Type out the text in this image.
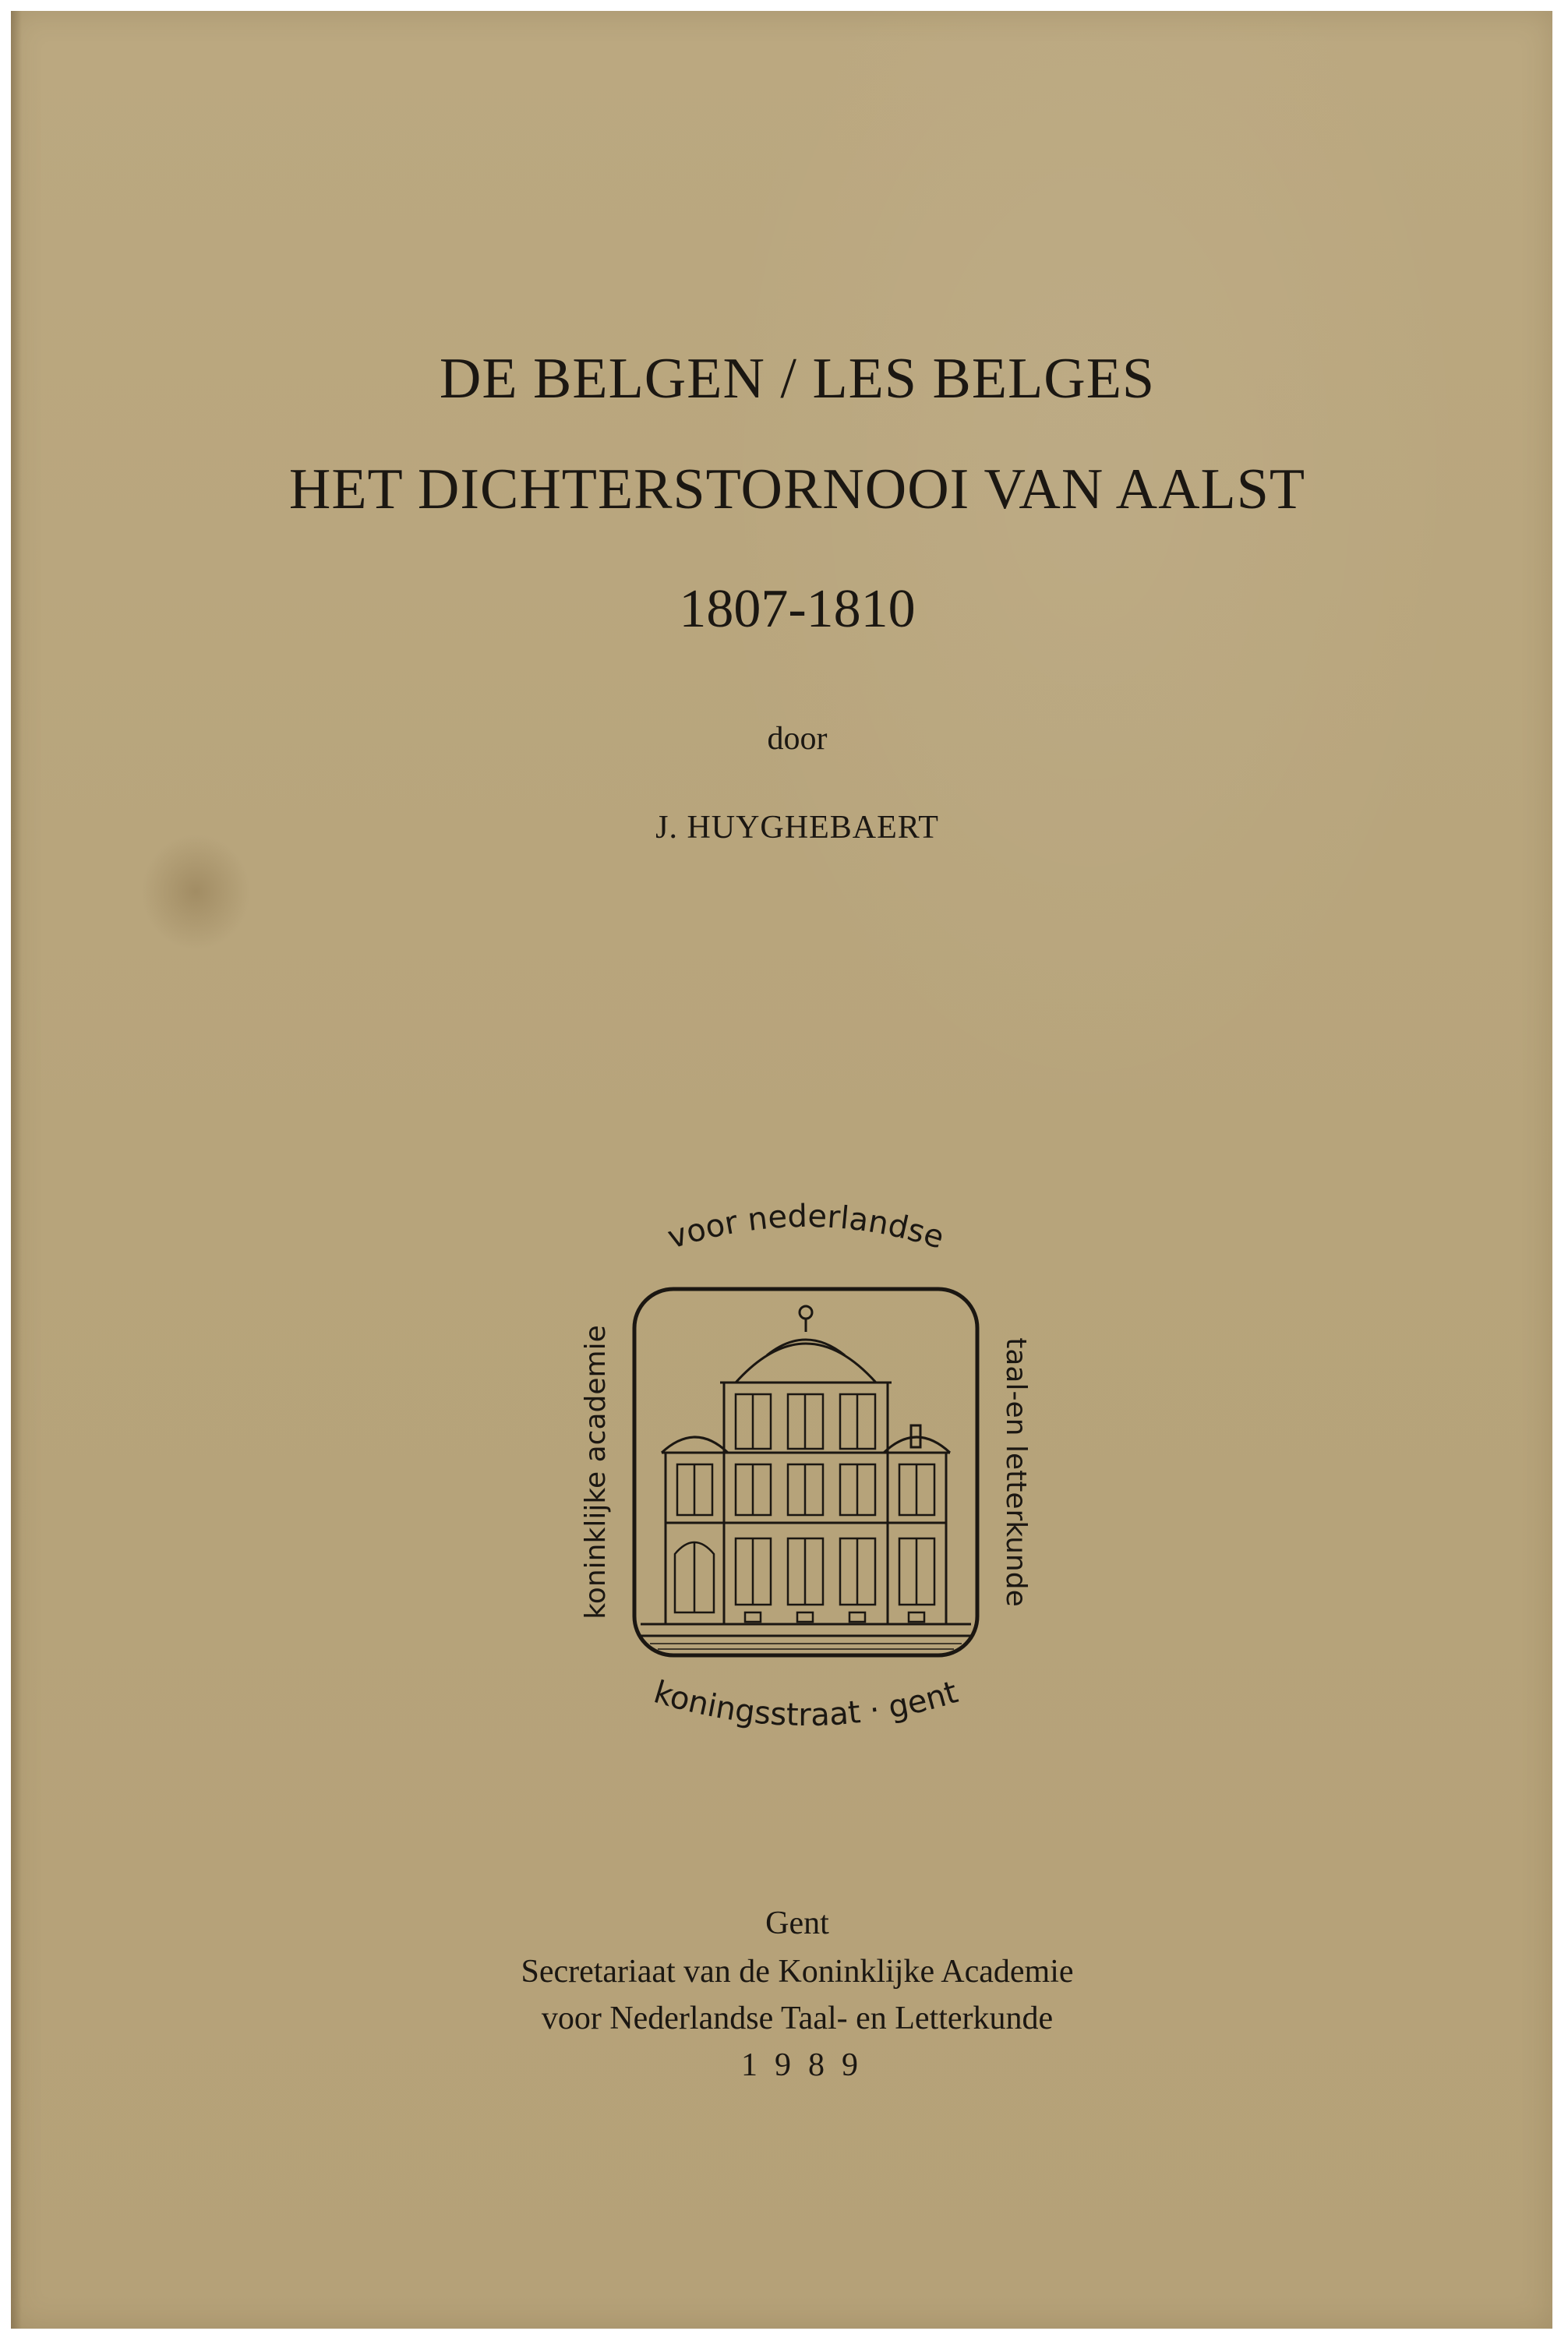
DE BELGEN / LES BELGES
HET DICHTERSTORNOOI VAN AALST
1807-1810
door
J. HUYGHEBAERT
voor nederlandse
taal-en letterkunde
koninklijke academie
koningsstraat · gent
Gent
Secretariaat van de Koninklijke Academie
voor Nederlandse Taal- en Letterkunde
1989
